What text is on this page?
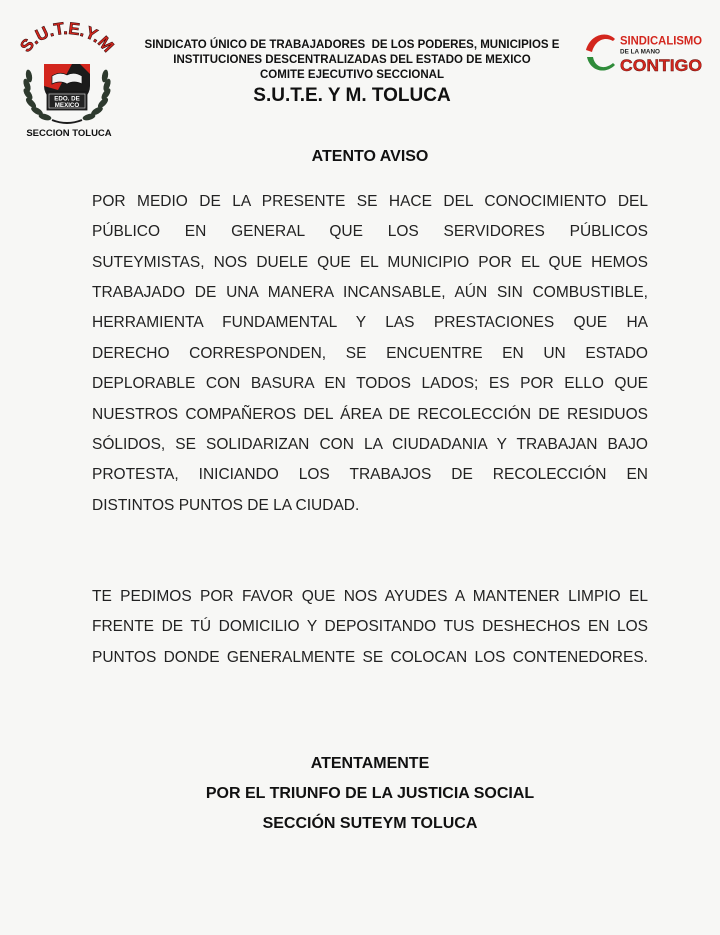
EDO. DE
MEXICO
S.U.T.E.Y.M
SECCION TOLUCA
SINDICATO ÚNICO DE TRABAJADORES  DE LOS PODERES, MUNICIPIOS E
INSTITUCIONES DESCENTRALIZADAS DEL ESTADO DE MEXICO
COMITE EJECUTIVO SECCIONAL
S.U.T.E. Y M. TOLUCA
SINDICALISMO
DE LA MANO
CONTIGO
ATENTO AVISO
POR MEDIO DE LA PRESENTE SE HACE DEL CONOCIMIENTO DEL
PÚBLICO EN GENERAL QUE LOS SERVIDORES PÚBLICOS
SUTEYMISTAS, NOS DUELE QUE EL MUNICIPIO POR EL QUE HEMOS
TRABAJADO DE UNA MANERA INCANSABLE, AÚN SIN COMBUSTIBLE,
HERRAMIENTA FUNDAMENTAL Y LAS PRESTACIONES QUE HA
DERECHO CORRESPONDEN, SE ENCUENTRE EN UN ESTADO
DEPLORABLE CON BASURA EN TODOS LADOS; ES POR ELLO QUE
NUESTROS COMPAÑEROS DEL ÁREA DE RECOLECCIÓN DE RESIDUOS
SÓLIDOS, SE SOLIDARIZAN CON LA CIUDADANIA Y TRABAJAN BAJO
PROTESTA, INICIANDO LOS TRABAJOS DE RECOLECCIÓN EN
DISTINTOS PUNTOS DE LA CIUDAD.
TE PEDIMOS POR FAVOR QUE NOS AYUDES A MANTENER LIMPIO EL
FRENTE DE TÚ DOMICILIO Y DEPOSITANDO TUS DESHECHOS EN LOS
PUNTOS DONDE GENERALMENTE SE COLOCAN LOS CONTENEDORES.
ATENTAMENTE
POR EL TRIUNFO DE LA JUSTICIA SOCIAL
SECCIÓN SUTEYM TOLUCA
